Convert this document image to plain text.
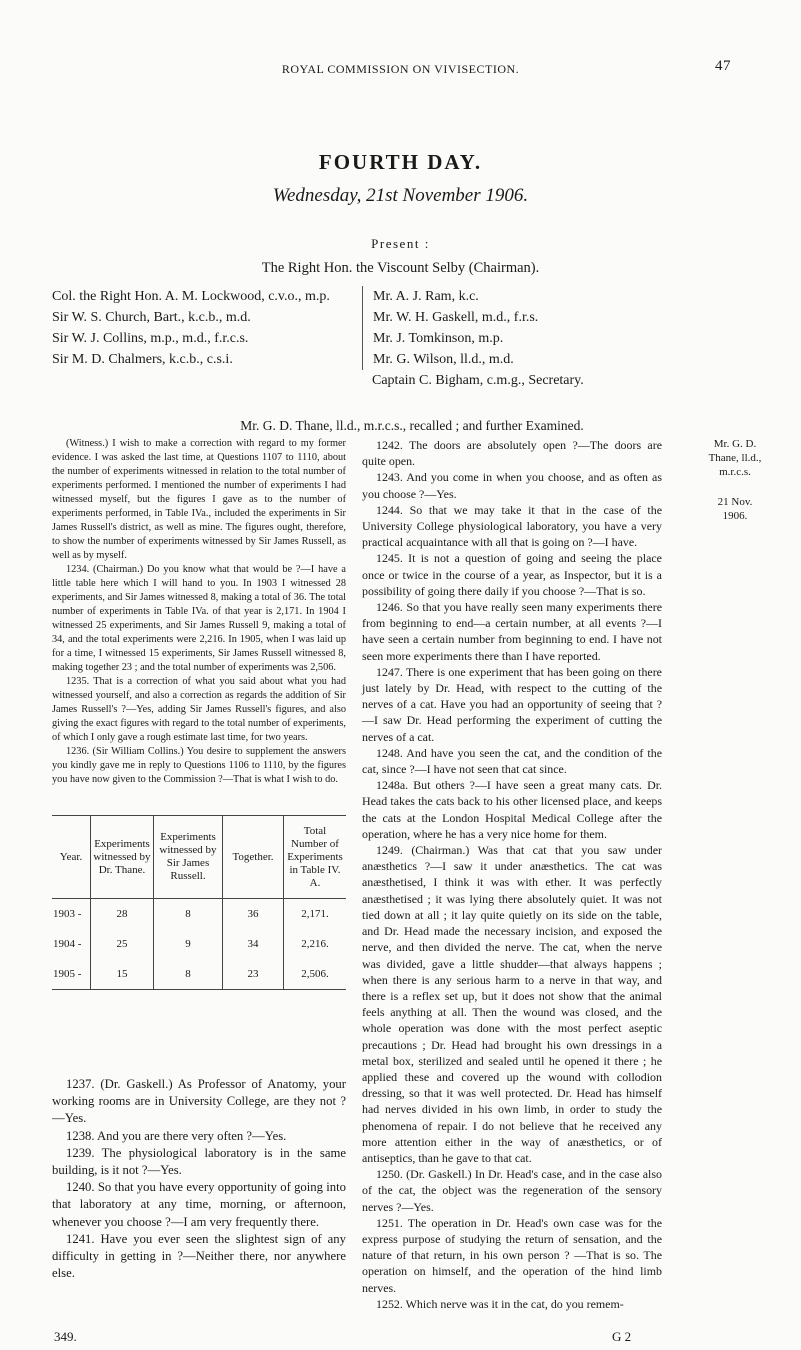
ROYAL COMMISSION ON VIVISECTION.	47
FOURTH DAY.
Wednesday, 21st November 1906.
Present :
The Right Hon. the Viscount Selby (Chairman).
Col. the Right Hon. A. M. Lockwood, c.v.o., m.p.
Sir W. S. Church, Bart., k.c.b., m.d.
Sir W. J. Collins, m.p., m.d., f.r.c.s.
Sir M. D. Chalmers, k.c.b., c.s.i.
Mr. A. J. Ram, k.c.
Mr. W. H. Gaskell, m.d., f.r.s.
Mr. J. Tomkinson, m.p.
Mr. G. Wilson, ll.d., m.d.
Captain C. Bigham, c.m.g., Secretary.
Mr. G. D. Thane, ll.d., m.r.c.s., recalled ; and further Examined.

(Witness.) I wish to make a correction with regard to my former evidence. I was asked the last time, at Questions 1107 to 1110, about the number of experiments witnessed in relation to the total number of experiments performed. I mentioned the number of experiments I had witnessed myself, but the figures I gave as to the number of experiments performed, in Table IVa., included the experiments in Sir James Russell's district, as well as mine. The figures ought, therefore, to show the number of experiments witnessed by Sir James Russell, as well as by myself.

1234. (Chairman.) Do you know what that would be ?—I have a little table here which I will hand to you. In 1903 I witnessed 28 experiments, and Sir James witnessed 8, making a total of 36. The total number of experiments in Table IVa. of that year is 2,171. In 1904 I witnessed 25 experiments, and Sir James Russell 9, making a total of 34, and the total experiments were 2,216. In 1905, when I was laid up for a time, I witnessed 15 experiments, Sir James Russell witnessed 8, making together 23 ; and the total number of experiments was 2,506.

1235. That is a correction of what you said about what you had witnessed yourself, and also a correction as regards the addition of Sir James Russell's ?—Yes, adding Sir James Russell's figures, and also giving the exact figures with regard to the total number of experiments, of which I only gave a rough estimate last time, for two years.

1236. (Sir William Collins.) You desire to supplement the answers you kindly gave me in reply to Questions 1106 to 1110, by the figures you have now given to the Commission ?—That is what I wish to do.

Year.	Experiments witnessed by Dr. Thane.	Experiments witnessed by Sir James Russell.	Together.	Total Number of Experiments in Table IV. A.
1903 -	28	8	36	2,171.
1904 -	25	9	34	2,216.
1905 -	15	8	23	2,506.

1237. (Dr. Gaskell.) As Professor of Anatomy, your working rooms are in University College, are they not ?—Yes.

1238. And you are there very often ?—Yes.

1239. The physiological laboratory is in the same building, is it not ?—Yes.

1240. So that you have every opportunity of going into that laboratory at any time, morning, or afternoon, whenever you choose ?—I am very frequently there.

1241. Have you ever seen the slightest sign of any difficulty in getting in ?—Neither there, nor anywhere else.

1242. The doors are absolutely open ?—The doors are quite open.

1243. And you come in when you choose, and as often as you choose ?—Yes.

1244. So that we may take it that in the case of the University College physiological laboratory, you have a very practical acquaintance with all that is going on ?—I have.

1245. It is not a question of going and seeing the place once or twice in the course of a year, as Inspector, but it is a possibility of going there daily if you choose ?—That is so.

1246. So that you have really seen many experiments there from beginning to end—a certain number, at all events ?—I have seen a certain number from beginning to end. I have not seen more experiments there than I have reported.

1247. There is one experiment that has been going on there just lately by Dr. Head, with respect to the cutting of the nerves of a cat. Have you had an opportunity of seeing that ?—I saw Dr. Head performing the experiment of cutting the nerves of a cat.

1248. And have you seen the cat, and the condition of the cat, since ?—I have not seen that cat since.

1248a. But others ?—I have seen a great many cats. Dr. Head takes the cats back to his other licensed place, and keeps the cats at the London Hospital Medical College after the operation, where he has a very nice home for them.

1249. (Chairman.) Was that cat that you saw under anæsthetics ?—I saw it under anæsthetics. The cat was anæsthetised, I think it was with ether. It was perfectly anæsthetised ; it was lying there absolutely quiet. It was not tied down at all ; it lay quite quietly on its side on the table, and Dr. Head made the necessary incision, and exposed the nerve, and then divided the nerve. The cat, when the nerve was divided, gave a little shudder—that always happens ; when there is any serious harm to a nerve in that way, and there is a reflex set up, but it does not show that the animal feels anything at all. Then the wound was closed, and the whole operation was done with the most perfect aseptic precautions ; Dr. Head had brought his own dressings in a metal box, sterilized and sealed until he opened it there ; he applied these and covered up the wound with collodion dressing, so that it was well protected. Dr. Head has himself had nerves divided in his own limb, in order to study the phenomena of repair. I do not believe that he received any more attention either in the way of anæsthetics, or of antiseptics, than he gave to that cat.

1250. (Dr. Gaskell.) In Dr. Head's case, and in the case also of the cat, the object was the regeneration of the sensory nerves ?—Yes.

1251. The operation in Dr. Head's own case was for the express purpose of studying the return of sensation, and the nature of that return, in his own person ? —That is so. The operation on himself, and the operation of the hind limb nerves.

1252. Which nerve was it in the cat, do you remem-

Mr. G. D. Thane, ll.d., m.r.c.s.
21 Nov. 1906.
349.	G 2
